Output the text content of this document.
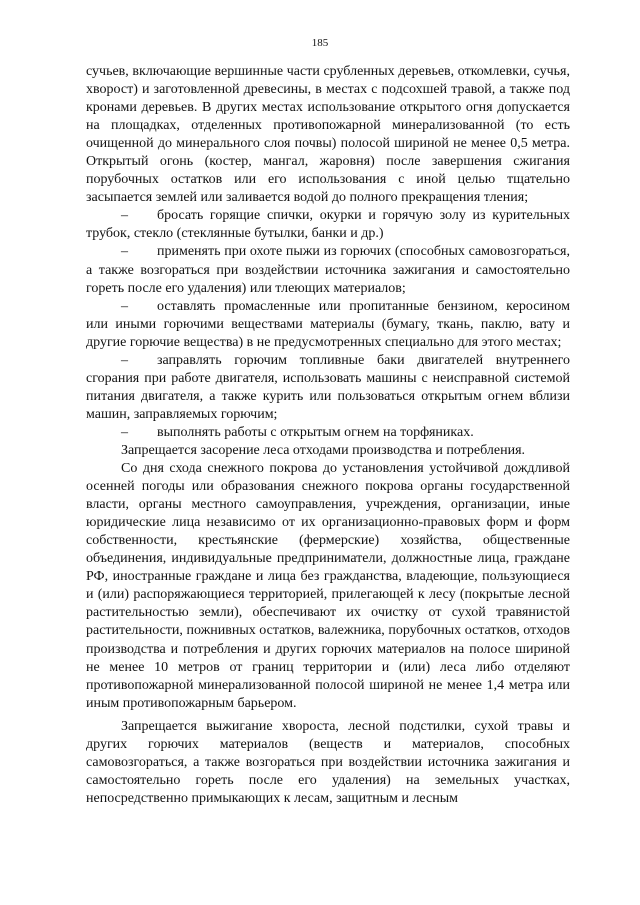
185

сучьев, включающие вершинные части срубленных деревьев, откомлевки, сучья, хворост) и заготовленной древесины, в местах с подсохшей травой, а также под кронами деревьев. В других местах использование открытого огня допускается на площадках, отделенных противопожарной минерализованной (то есть очищенной до минерального слоя почвы) полосой шириной не менее 0,5 метра. Открытый огонь (костер, мангал, жаровня) после завершения сжигания порубочных остатков или его использования с иной целью тщательно засыпается землей или заливается водой до полного прекращения тления;

– бросать горящие спички, окурки и горячую золу из курительных трубок, стекло (стеклянные бутылки, банки и др.)

– применять при охоте пыжи из горючих (способных самовозгораться, а также возгораться при воздействии источника зажигания и самостоятельно гореть после его удаления) или тлеющих материалов;

– оставлять промасленные или пропитанные бензином, керосином или иными горючими веществами материалы (бумагу, ткань, паклю, вату и другие горючие вещества) в не предусмотренных специально для этого местах;

– заправлять горючим топливные баки двигателей внутреннего сгорания при работе двигателя, использовать машины с неисправной системой питания двигателя, а также курить или пользоваться открытым огнем вблизи машин, заправляемых горючим;

– выполнять работы с открытым огнем на торфяниках.

Запрещается засорение леса отходами производства и потребления.

Со дня схода снежного покрова до установления устойчивой дождливой осенней погоды или образования снежного покрова органы государственной власти, органы местного самоуправления, учреждения, организации, иные юридические лица независимо от их организационно-правовых форм и форм собственности, крестьянские (фермерские) хозяйства, общественные объединения, индивидуальные предприниматели, должностные лица, граждане РФ, иностранные граждане и лица без гражданства, владеющие, пользующиеся и (или) распоряжающиеся территорией, прилегающей к лесу (покрытые лесной растительностью земли), обеспечивают их очистку от сухой травянистой растительности, пожнивных остатков, валежника, порубочных остатков, отходов производства и потребления и других горючих материалов на полосе шириной не менее 10 метров от границ территории и (или) леса либо отделяют противопожарной минерализованной полосой шириной не менее 1,4 метра или иным противопожарным барьером.

Запрещается выжигание хвороста, лесной подстилки, сухой травы и других горючих материалов (веществ и материалов, способных самовозгораться, а также возгораться при воздействии источника зажигания и самостоятельно гореть после его удаления) на земельных участках, непосредственно примыкающих к лесам, защитным и лесным
